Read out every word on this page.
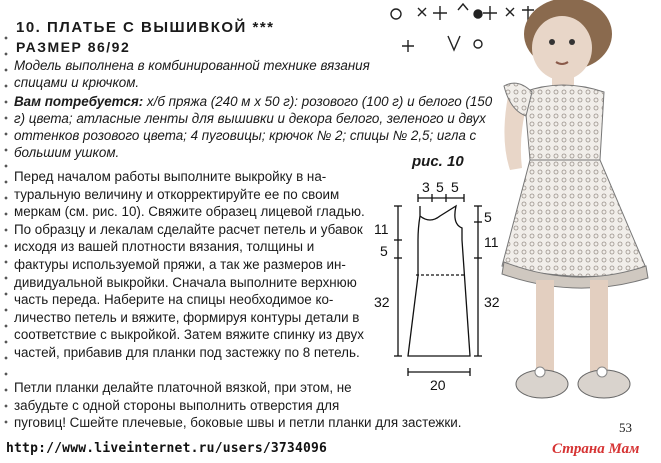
10. ПЛАТЬЕ С ВЫШИВКОЙ ***
РАЗМЕР 86/92
Модель выполнена в комбинированной технике вязания спицами и крючком.
Вам потребуется: х/б пряжа (240 м х 50 г): розового (100 г) и белого (150 г) цвета; атласные ленты для вышивки и декора белого, зеленого и двух оттенков розового цвета; 4 пуговицы; крючок № 2; спицы № 2,5; игла с большим ушком.
Перед началом работы выполните выкройку в на-
туральную величину и откорректируйте ее по своим
меркам (см. рис. 10). Свяжите образец лицевой гладью.
По образцу и лекалам сделайте расчет петель и убавок
исходя из вашей плотности вязания, толщины и
фактуры используемой пряжи, а так же размеров ин-
дивидуальной выкройки. Сначала выполните верхнюю
часть переда. Наберите на спицы необходимое ко-
личество петель и вяжите, формируя контуры детали в
соответствие с выкройкой. Затем вяжите спинку из двух
частей, прибавив для планки под застежку по 8 петель.
Петли планки делайте платочной вязкой, при этом, не
забудьте с одной стороны выполнить отверстия для
пуговиц! Сшейте плечевые, боковые швы и петли планки для застежки.
рис. 10
3 5 5
11
5
32
5
11
32
20
53
http://www.liveinternet.ru/users/3734096	Страна Мам
